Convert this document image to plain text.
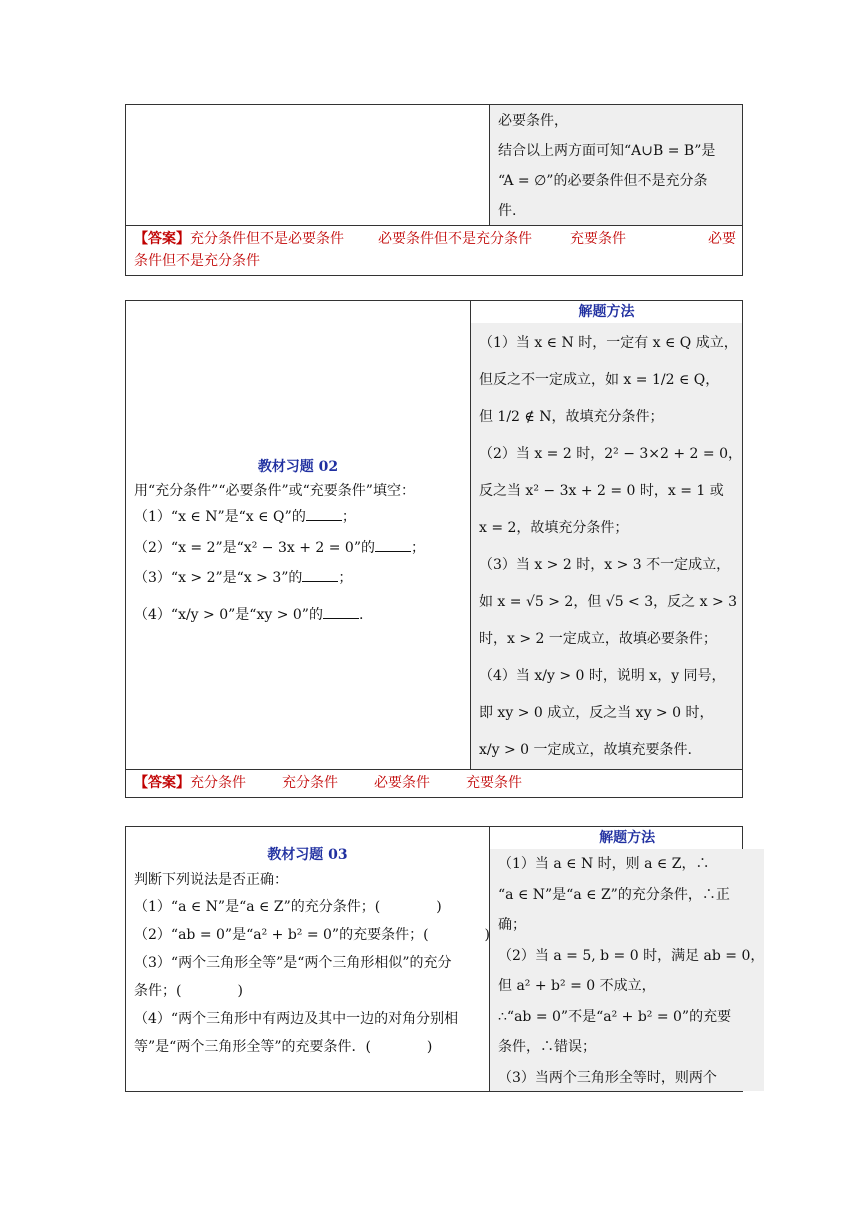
必要条件，
结合以上两方面可知“A∪B = B”是
“A = ∅”的必要条件但不是充分条
件.
【答案】 充分条件但不是必要条件 必要条件但不是充分条件	充要条件	必要
条件但不是充分条件
教材习题 02
用“充分条件”“必要条件”或“充要条件”填空：
（1）“x ∈ N”是“x ∈ Q”的	；
（2）“x = 2”是“x² − 3x + 2 = 0”的	；
（3）“x > 2”是“x > 3”的	；
（4）“x/y > 0”是“xy > 0”的	.
解题方法
（1）当 x ∈ N 时，一定有 x ∈ Q 成立，
但反之不一定成立，如 x = 1/2 ∈ Q，
但 1/2 ∉ N，故填充分条件；
（2）当 x = 2 时，2² − 3×2 + 2 = 0，
反之当 x² − 3x + 2 = 0 时，x = 1 或
x = 2，故填充分条件；
（3）当 x > 2 时，x > 3 不一定成立，
如 x = √5 > 2，但 √5 < 3，反之 x > 3
时，x > 2 一定成立，故填必要条件；
（4）当 x/y > 0 时，说明 x，y 同号，
即 xy > 0 成立，反之当 xy > 0 时，
x/y > 0 一定成立，故填充要条件.
【答案】充分条件	充分条件	必要条件	充要条件
教材习题 03
判断下列说法是否正确：
（1）“a ∈ N”是“a ∈ Z”的充分条件；(　　　　)
（2）“ab = 0”是“a² + b² = 0”的充要条件；(　　　　)
（3）“两个三角形全等”是“两个三角形相似”的充分
条件；(　　　　)
（4）“两个三角形中有两边及其中一边的对角分别相
等”是“两个三角形全等”的充要条件．(　　　　)
解题方法
（1）当 a ∈ N 时，则 a ∈ Z，∴
“a ∈ N”是“a ∈ Z”的充分条件，∴正
确；
（2）当 a = 5, b = 0 时，满足 ab = 0，
但 a² + b² = 0 不成立，
∴“ab = 0”不是“a² + b² = 0”的充要
条件，∴错误；
（3）当两个三角形全等时，则两个
